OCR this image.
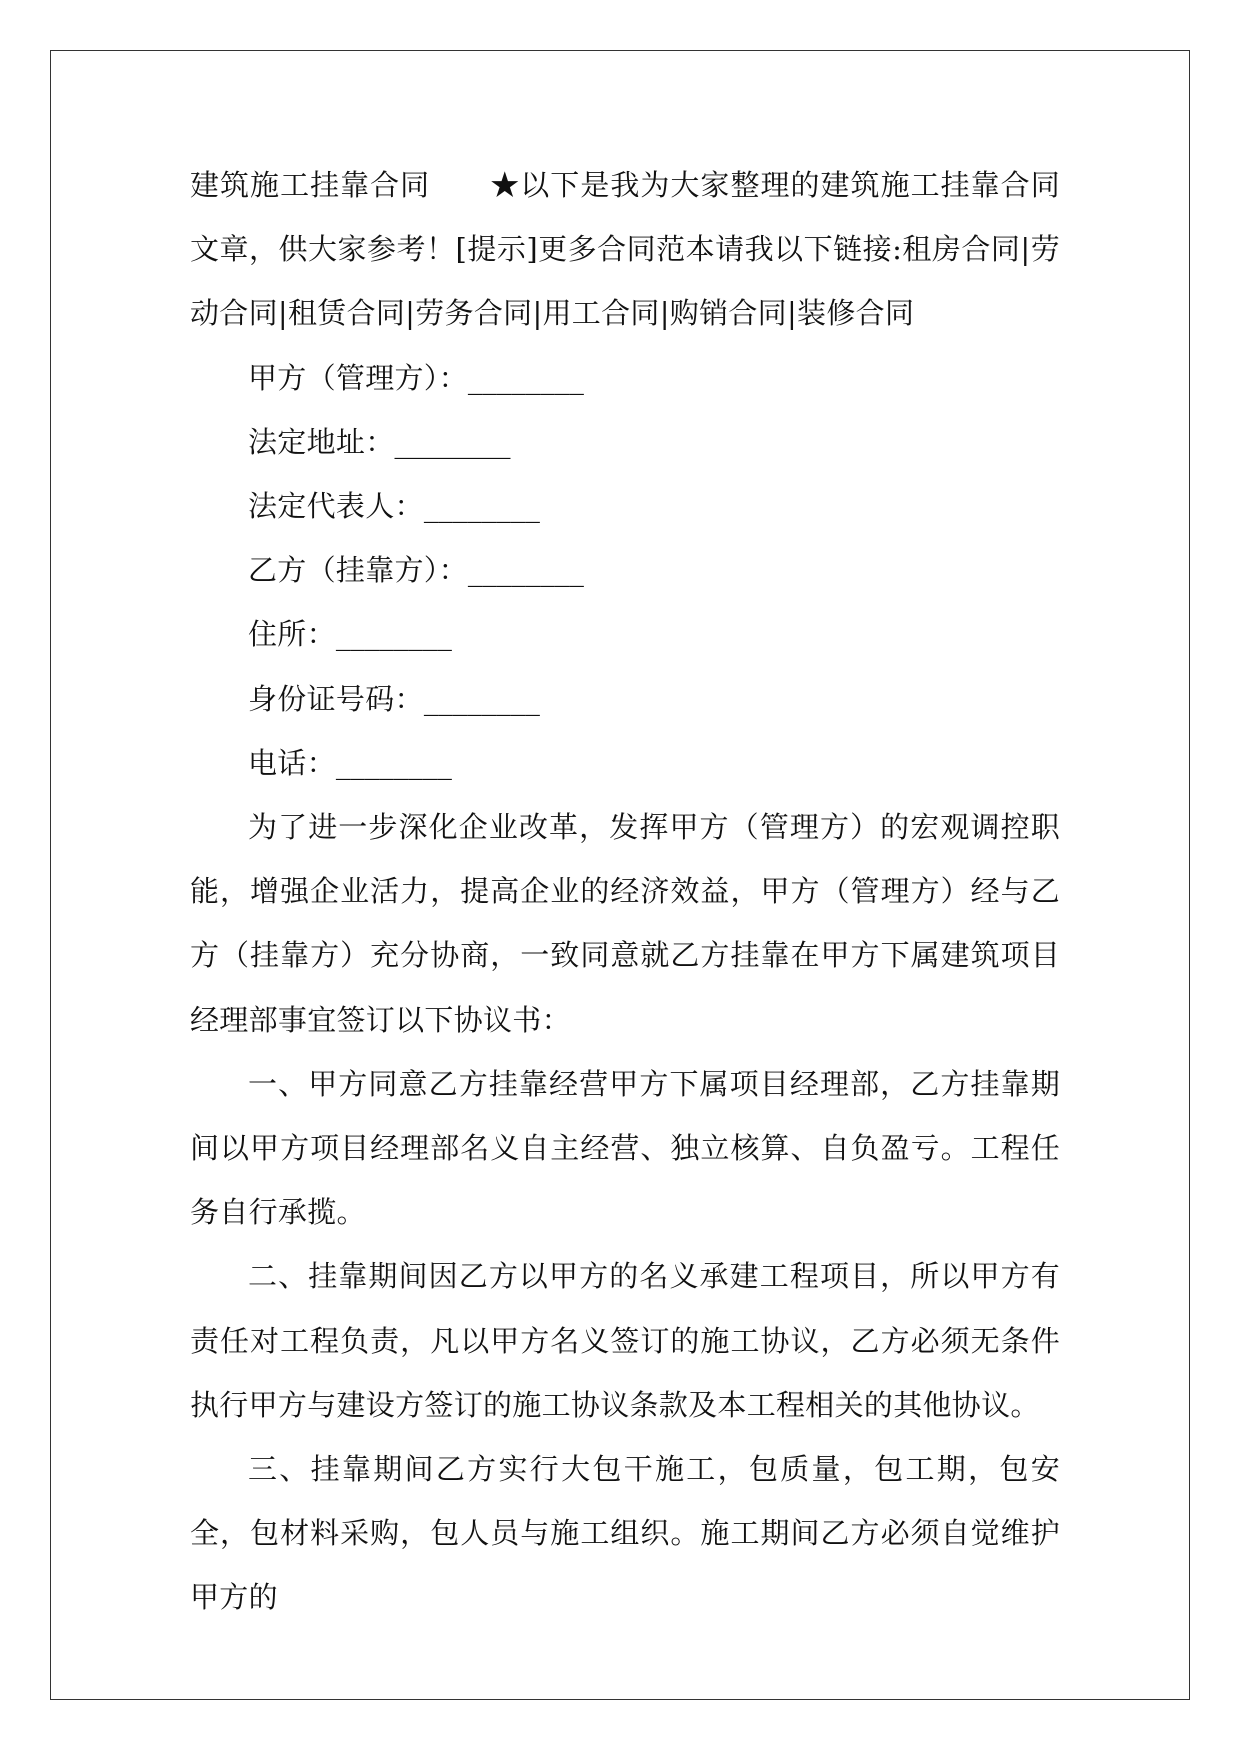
建筑施工挂靠合同　　★以下是我为大家整理的建筑施工挂靠合同文章，供大家参考！[提示]更多合同范本请我以下链接:租房合同|劳动合同|租赁合同|劳务合同|用工合同|购销合同|装修合同

甲方（管理方）：________

法定地址：________

法定代表人：________

乙方（挂靠方）：________

住所：________

身份证号码：________

电话：________

为了进一步深化企业改革，发挥甲方（管理方）的宏观调控职能，增强企业活力，提高企业的经济效益，甲方（管理方）经与乙方（挂靠方）充分协商，一致同意就乙方挂靠在甲方下属建筑项目经理部事宜签订以下协议书：

一、甲方同意乙方挂靠经营甲方下属项目经理部，乙方挂靠期间以甲方项目经理部名义自主经营、独立核算、自负盈亏。工程任务自行承揽。

二、挂靠期间因乙方以甲方的名义承建工程项目，所以甲方有责任对工程负责，凡以甲方名义签订的施工协议，乙方必须无条件执行甲方与建设方签订的施工协议条款及本工程相关的其他协议。

三、挂靠期间乙方实行大包干施工，包质量，包工期，包安全，包材料采购，包人员与施工组织。施工期间乙方必须自觉维护甲方的
